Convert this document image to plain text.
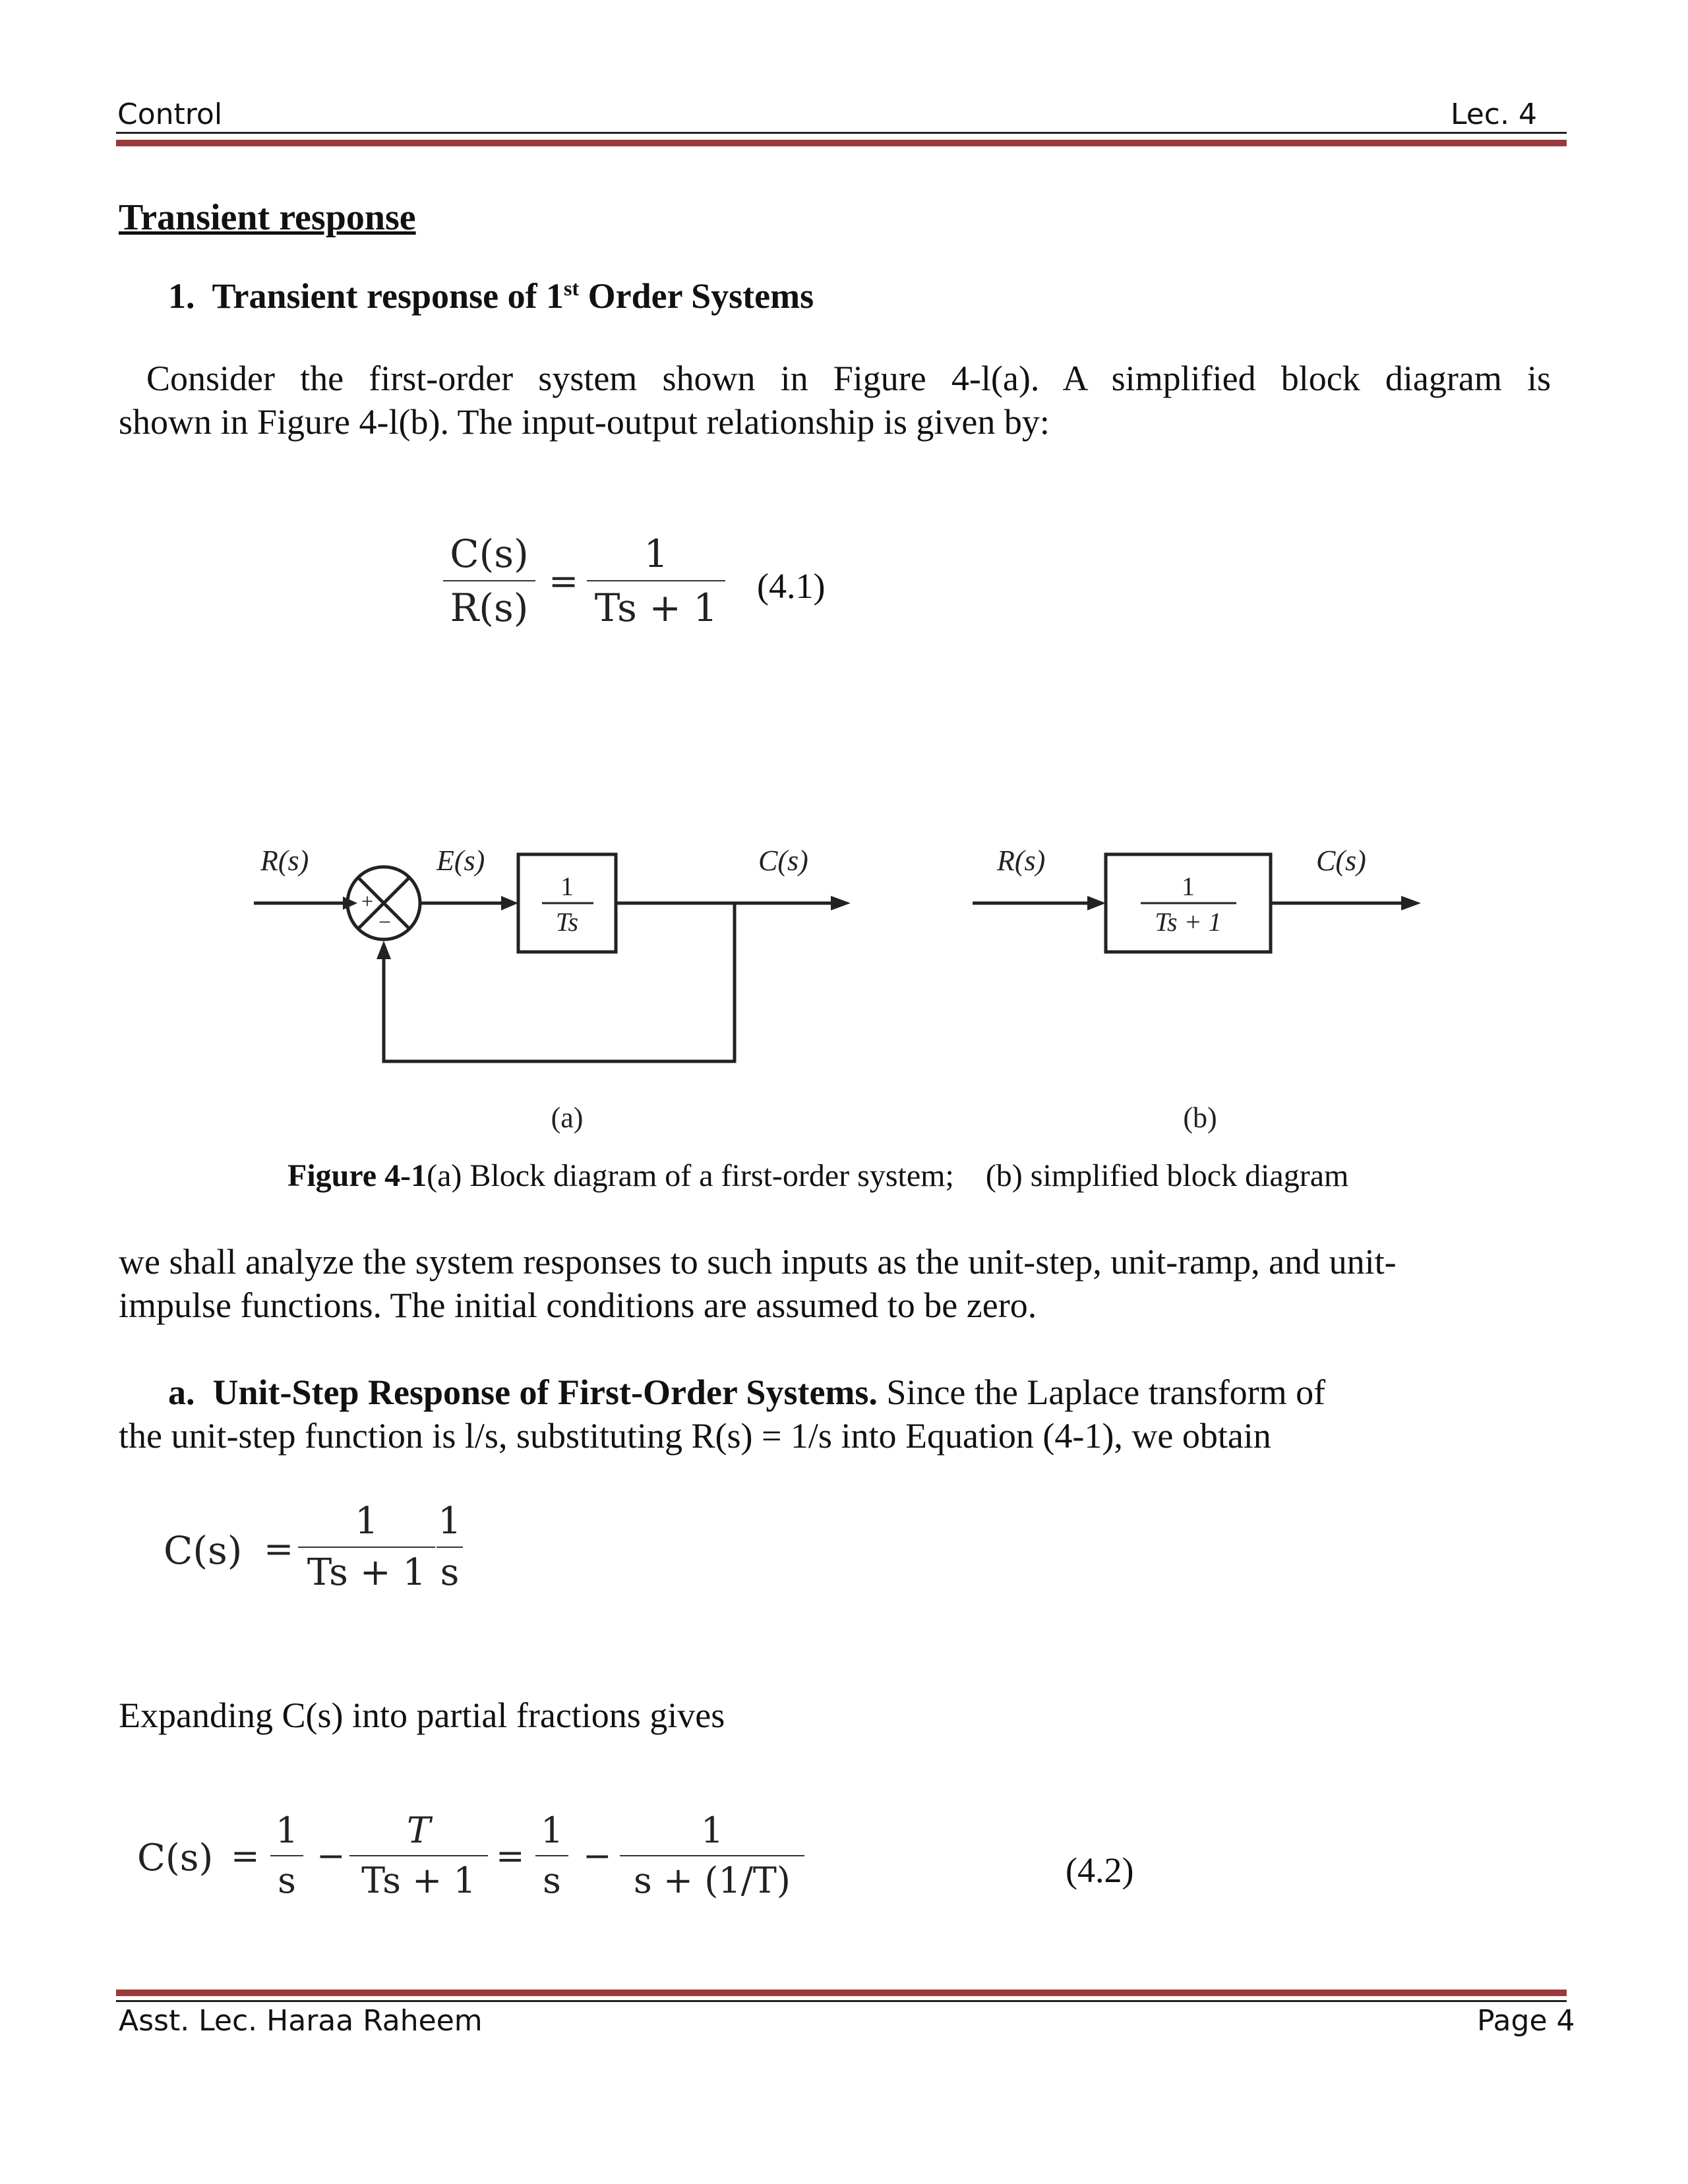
Control	Lec. 4
Transient response
1. Transient response of 1st Order Systems
Consider the first-order system shown in Figure 4-l(a). A simplified block diagram is
shown in Figure 4-l(b). The input-output relationship is given by:
C(s)
R(s)
=
1
Ts + 1 (4.1)
R(s)	E(s)	C(s)	R(s)	C(s)
+
−
1
Ts
1
Ts + 1
(a)	(b)
Figure 4-1(a) Block diagram of a first-order system;    (b) simplified block diagram
we shall analyze the system responses to such inputs as the unit-step, unit-ramp, and unit-
impulse functions. The initial conditions are assumed to be zero.
a. Unit-Step Response of First-Order Systems. Since the Laplace transform of
the unit-step function is l/s, substituting R(s) = 1/s into Equation (4-1), we obtain
C(s) =
1
Ts + 1
1
s
Expanding C(s) into partial fractions gives
C(s) =
1
s
−
T
Ts + 1
=
1
s
−
1
s + (1/T)	(4.2)
Asst. Lec. Haraa Raheem	Page 4
